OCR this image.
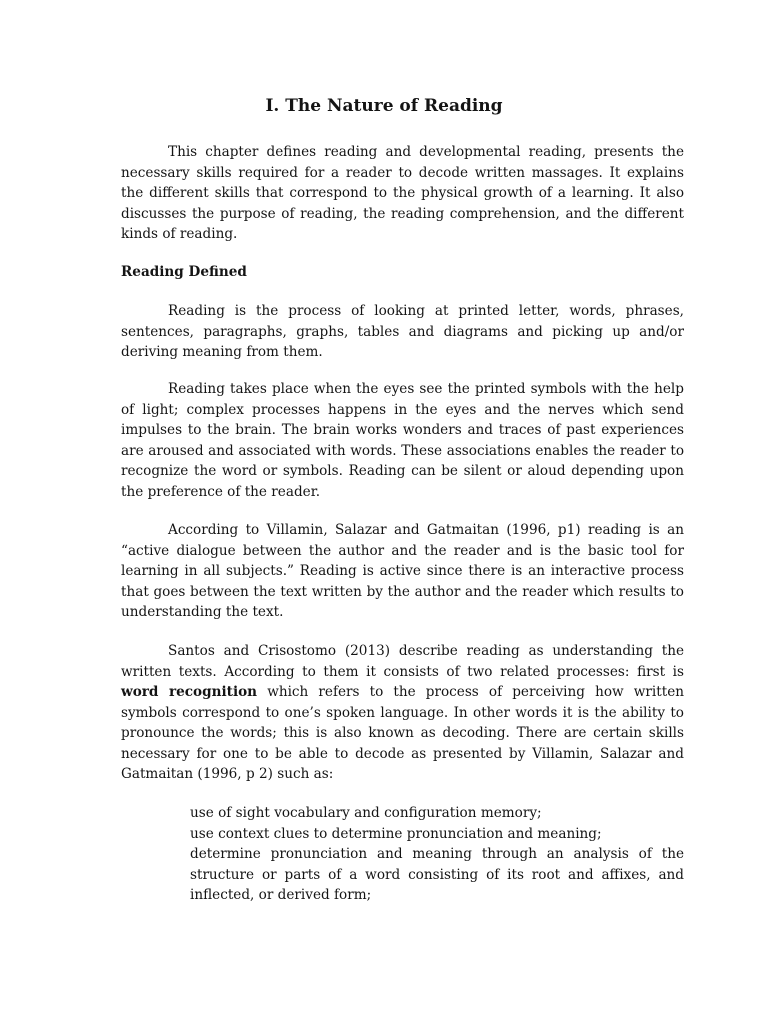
I. The Nature of Reading

This chapter defines reading and developmental reading, presents the necessary skills required for a reader to decode written massages. It explains the different skills that correspond to the physical growth of a learning. It also discusses the purpose of reading, the reading comprehension, and the different kinds of reading.

Reading Defined

Reading is the process of looking at printed letter, words, phrases, sentences, paragraphs, graphs, tables and diagrams and picking up and/or deriving meaning from them.

Reading takes place when the eyes see the printed symbols with the help of light; complex processes happens in the eyes and the nerves which send impulses to the brain. The brain works wonders and traces of past experiences are aroused and associated with words. These associations enables the reader to recognize the word or symbols. Reading can be silent or aloud depending upon the preference of the reader.

According to Villamin, Salazar and Gatmaitan (1996, p1) reading is an “active dialogue between the author and the reader and is the basic tool for learning in all subjects.” Reading is active since there is an interactive process that goes between the text written by the author and the reader which results to understanding the text.

Santos and Crisostomo (2013) describe reading as understanding the written texts. According to them it consists of two related processes: first is word recognition which refers to the process of perceiving how written symbols correspond to one’s spoken language. In other words it is the ability to pronounce the words; this is also known as decoding. There are certain skills necessary for one to be able to decode as presented by Villamin, Salazar and Gatmaitan (1996, p 2) such as:

use of sight vocabulary and configuration memory;
use context clues to determine pronunciation and meaning;
determine pronunciation and meaning through an analysis of the structure or parts of a word consisting of its root and affixes, and inflected, or derived form;
